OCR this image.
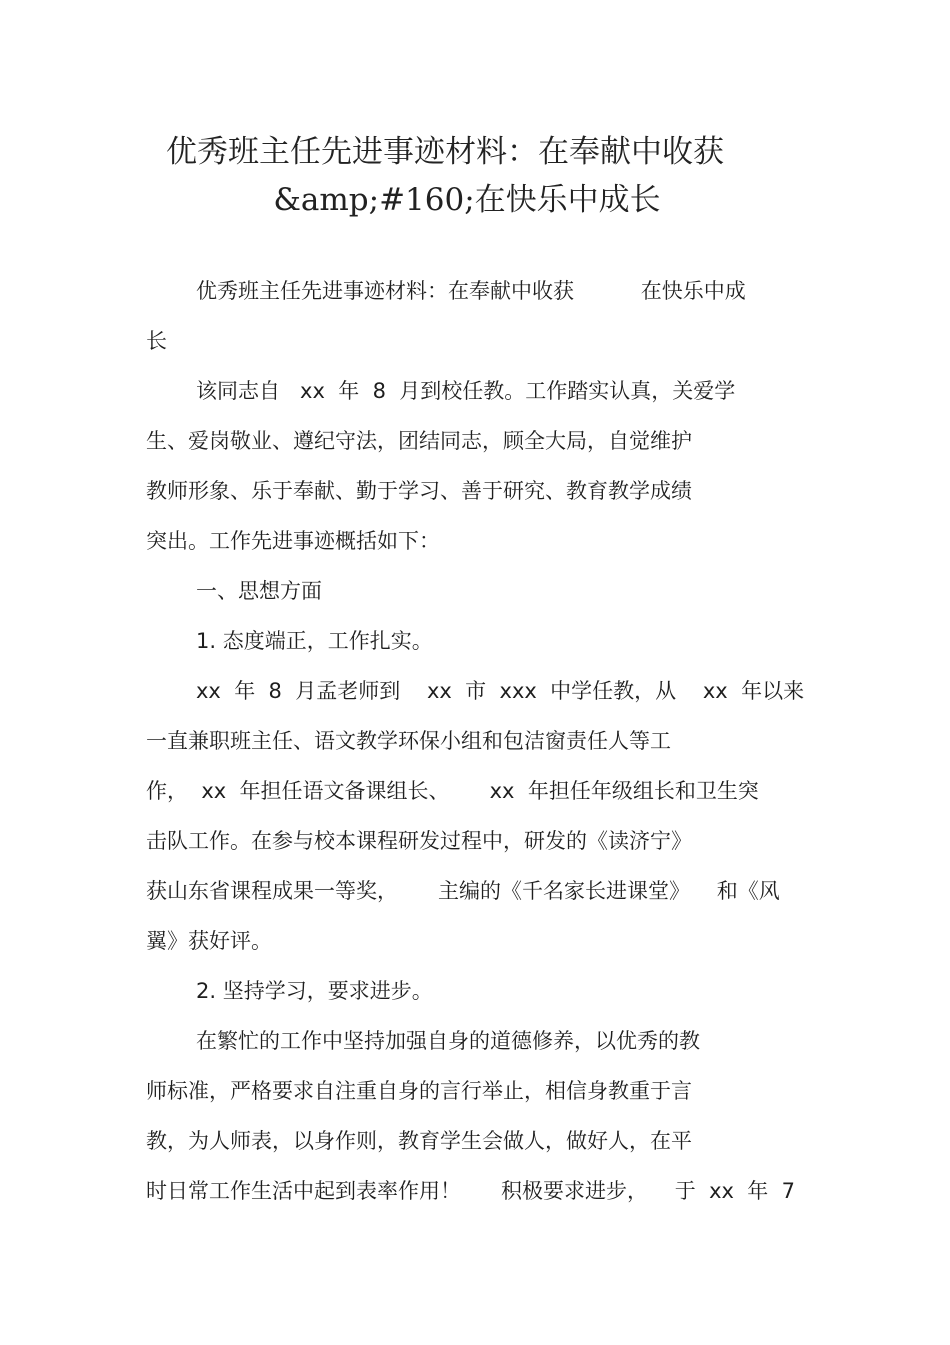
优秀班主任先进事迹材料：在奉献中收获
&amp;#160;在快乐中成长
优秀班主任先进事迹材料：在奉献中收获          在快乐中成
长
该同志自   xx  年  8  月到校任教。工作踏实认真，关爱学
生、爱岗敬业、遵纪守法，团结同志，顾全大局，自觉维护
教师形象、乐于奉献、勤于学习、善于研究、教育教学成绩
突出。工作先进事迹概括如下：
一、思想方面
1. 态度端正，工作扎实。
xx  年  8  月孟老师到    xx  市  xxx  中学任教，从    xx  年以来
一直兼职班主任、语文教学环保小组和包洁窗责任人等工
作，  xx  年担任语文备课组长、      xx  年担任年级组长和卫生突
击队工作。在参与校本课程研发过程中，研发的《读济宁》
获山东省课程成果一等奖，      主编的《千名家长进课堂》    和《风
翼》获好评。
2. 坚持学习，要求进步。
在繁忙的工作中坚持加强自身的道德修养，以优秀的教
师标准，严格要求自注重自身的言行举止，相信身教重于言
教，为人师表，以身作则，教育学生会做人，做好人，在平
时日常工作生活中起到表率作用！      积极要求进步，    于  xx  年  7
